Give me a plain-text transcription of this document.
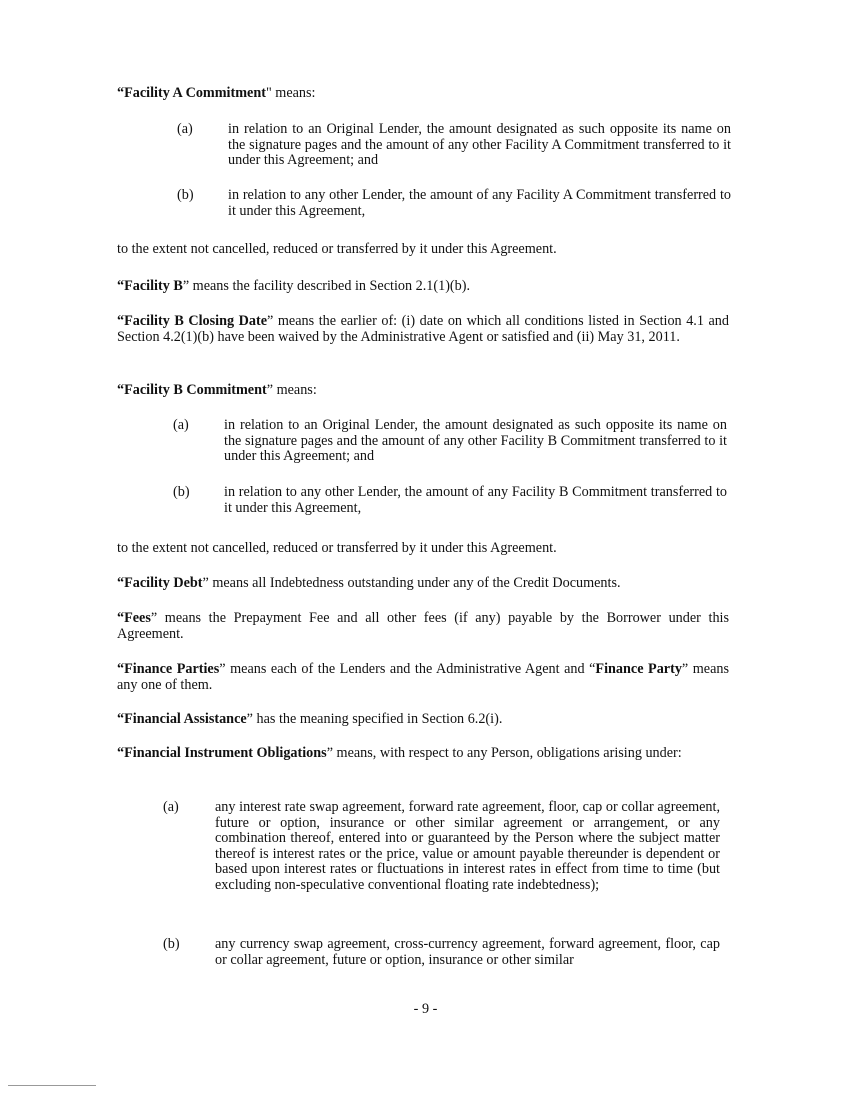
“Facility A Commitment" means:

(a) in relation to an Original Lender, the amount designated as such opposite its name on the signature pages and the amount of any other Facility A Commitment transferred to it under this Agreement; and
(b) in relation to any other Lender, the amount of any Facility A Commitment transferred to it under this Agreement,

to the extent not cancelled, reduced or transferred by it under this Agreement.

“Facility B” means the facility described in Section 2.1(1)(b).

“Facility B Closing Date” means the earlier of: (i) date on which all conditions listed in Section 4.1 and Section 4.2(1)(b) have been waived by the Administrative Agent or satisfied and (ii) May 31, 2011.

“Facility B Commitment” means:

(a) in relation to an Original Lender, the amount designated as such opposite its name on the signature pages and the amount of any other Facility B Commitment transferred to it under this Agreement; and
(b) in relation to any other Lender, the amount of any Facility B Commitment transferred to it under this Agreement,

to the extent not cancelled, reduced or transferred by it under this Agreement.

“Facility Debt” means all Indebtedness outstanding under any of the Credit Documents.

“Fees” means the Prepayment Fee and all other fees (if any) payable by the Borrower under this Agreement.

“Finance Parties” means each of the Lenders and the Administrative Agent and “Finance Party” means any one of them.

“Financial Assistance” has the meaning specified in Section 6.2(i).

“Financial Instrument Obligations” means, with respect to any Person, obligations arising under:

(a)	any interest rate swap agreement, forward rate agreement, floor, cap or collar agreement, future or option, insurance or other similar agreement or arrangement, or any combination thereof, entered into or guaranteed by the Person where the subject matter thereof is interest rates or the price, value or amount payable thereunder is dependent or based upon interest rates or fluctuations in interest rates in effect from time to time (but excluding non-speculative conventional floating rate indebtedness);
(b) any currency swap agreement, cross-currency agreement, forward agreement, floor, cap or collar agreement, future or option, insurance or other similar
- 9 -
